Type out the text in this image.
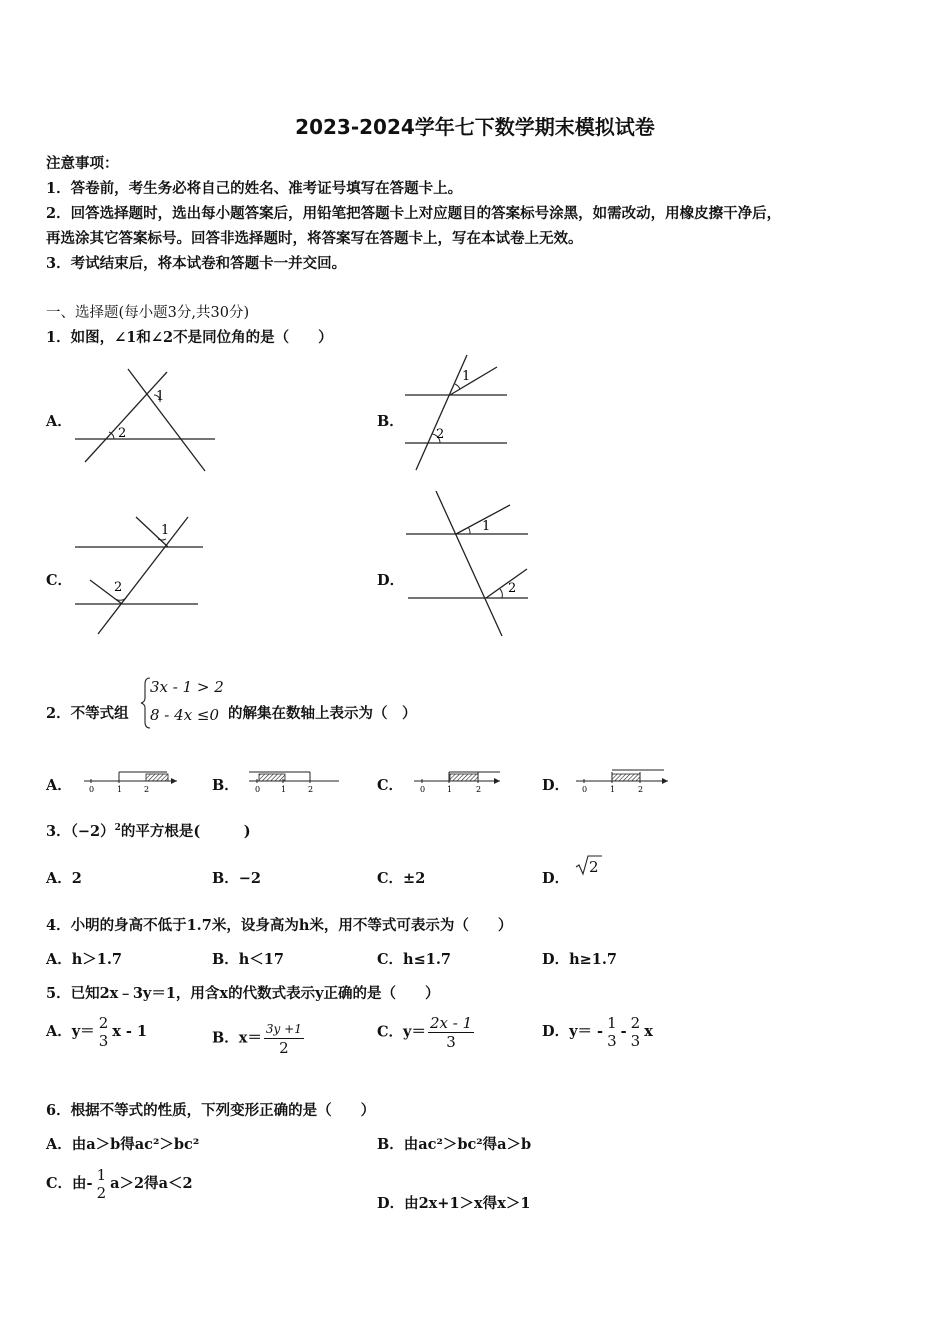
2023-2024学年七下数学期末模拟试卷
注意事项：
1．答卷前，考生务必将自己的姓名、准考证号填写在答题卡上。
2．回答选择题时，选出每小题答案后，用铅笔把答题卡上对应题目的答案标号涂黑，如需改动，用橡皮擦干净后，
再选涂其它答案标号。回答非选择题时，将答案写在答题卡上，写在本试卷上无效。
3．考试结束后，将本试卷和答题卡一并交回。
一、选择题(每小题3分,共30分)
1．如图，∠1和∠2不是同位角的是（　　）
A．
1
2
B．
1
2
C．
1
2	D．
1
2
2．不等式组
3x - 1 > 2
8 - 4x ≤0 的解集在数轴上表示为（　）
A． 0	1	2	B． 0	1	2	C． 0	1	2	D． 0	1	2
3．$(-2)^2$的平方根是(　　　)
A．2	B．−2	C．±2	D．
2
4．小明的身高不低于1.7米，设身高为h米，用不等式可表示为（　　）
A．h＞1.7	B．h＜17	C．h≤1.7	D．h≥1.7
5．已知2x﹣3y＝1，用含x的代数式表示y正确的是（　　）
A．y＝ 2
3
x - 1	B．$x= \frac{3y +1}{2}$	C．$y= \frac{2x - 1}{3}$	D．y＝ - 1
3
- 2
3
x
6．根据不等式的性质，下列变形正确的是（　　）
A．由a＞b得ac²＞bc²	B．由ac²＞bc²得a＞b
C．由- 1
2
a＞2得a＜2
D．由2x+1＞x得x＞1
